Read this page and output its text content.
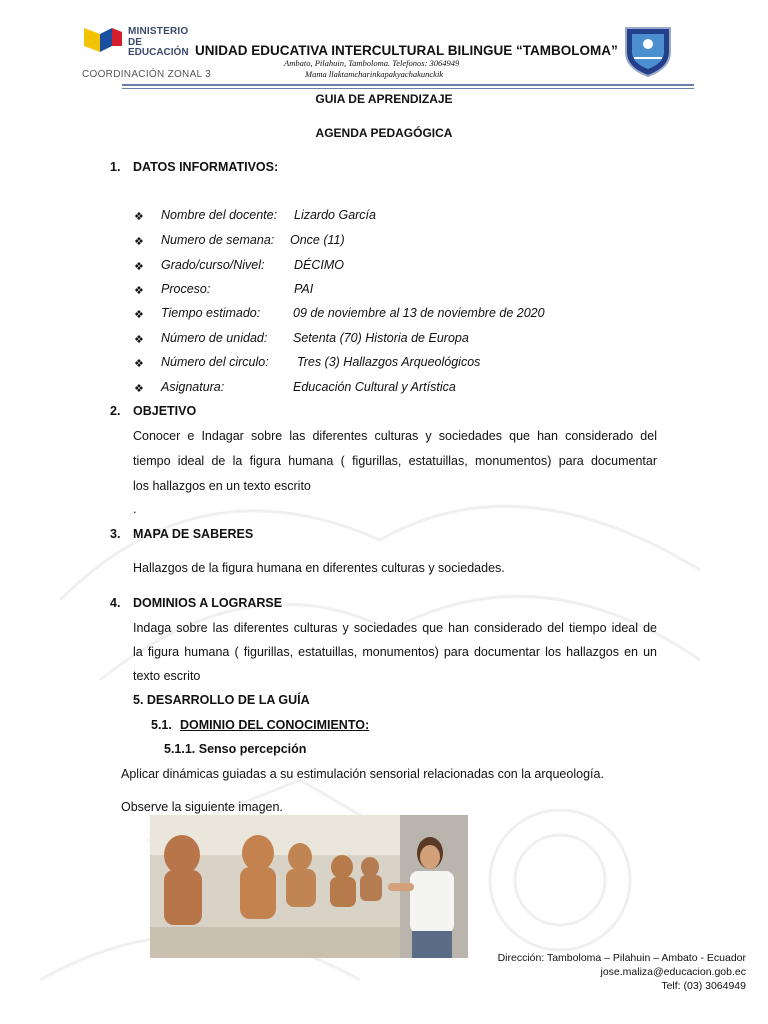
MINISTERIO
DE EDUCACIÓN
COORDINACIÓN ZONAL 3
UNIDAD EDUCATIVA INTERCULTURAL BILINGUE “TAMBOLOMA”
Ambato, Pilahuin, Tamboloma. Telefonos: 3064949
Mama llaktamcharinkapakyachakunckik
GUIA DE APRENDIZAJE
AGENDA PEDAGÓGICA
1. DATOS INFORMATIVOS:
❖ Nombre del docente: Lizardo García
❖ Numero de semana: Once (11)
❖ Grado/curso/Nivel: DÉCIMO
❖ Proceso:	PAI
❖ Tiempo estimado:	09 de noviembre al 13 de noviembre de 2020
❖ Número de unidad: Setenta (70) Historia de Europa
❖ Número del circulo: Tres (3) Hallazgos Arqueológicos
❖ Asignatura:	Educación Cultural y Artística
2. OBJETIVO
Conocer e Indagar sobre las diferentes culturas y sociedades que han considerado del
tiempo ideal de la figura humana ( figurillas, estatuillas, monumentos) para documentar
los hallazgos en un texto escrito
.
3. MAPA DE SABERES
Hallazgos de la figura humana en diferentes culturas y sociedades.
4. DOMINIOS A LOGRARSE
Indaga sobre las diferentes culturas y sociedades que han considerado del tiempo ideal de
la figura humana ( figurillas, estatuillas, monumentos) para documentar los hallazgos en un
texto escrito
5. DESARROLLO DE LA GUÍA
5.1. DOMINIO DEL CONOCIMIENTO:
5.1.1. Senso percepción
Aplicar dinámicas guiadas a su estimulación sensorial relacionadas con la arqueología.
Observe la siguiente imagen.
Dirección: Tamboloma – Pilahuin – Ambato - Ecuador
jose.maliza@educacion.gob.ec
Telf: (03) 3064949
